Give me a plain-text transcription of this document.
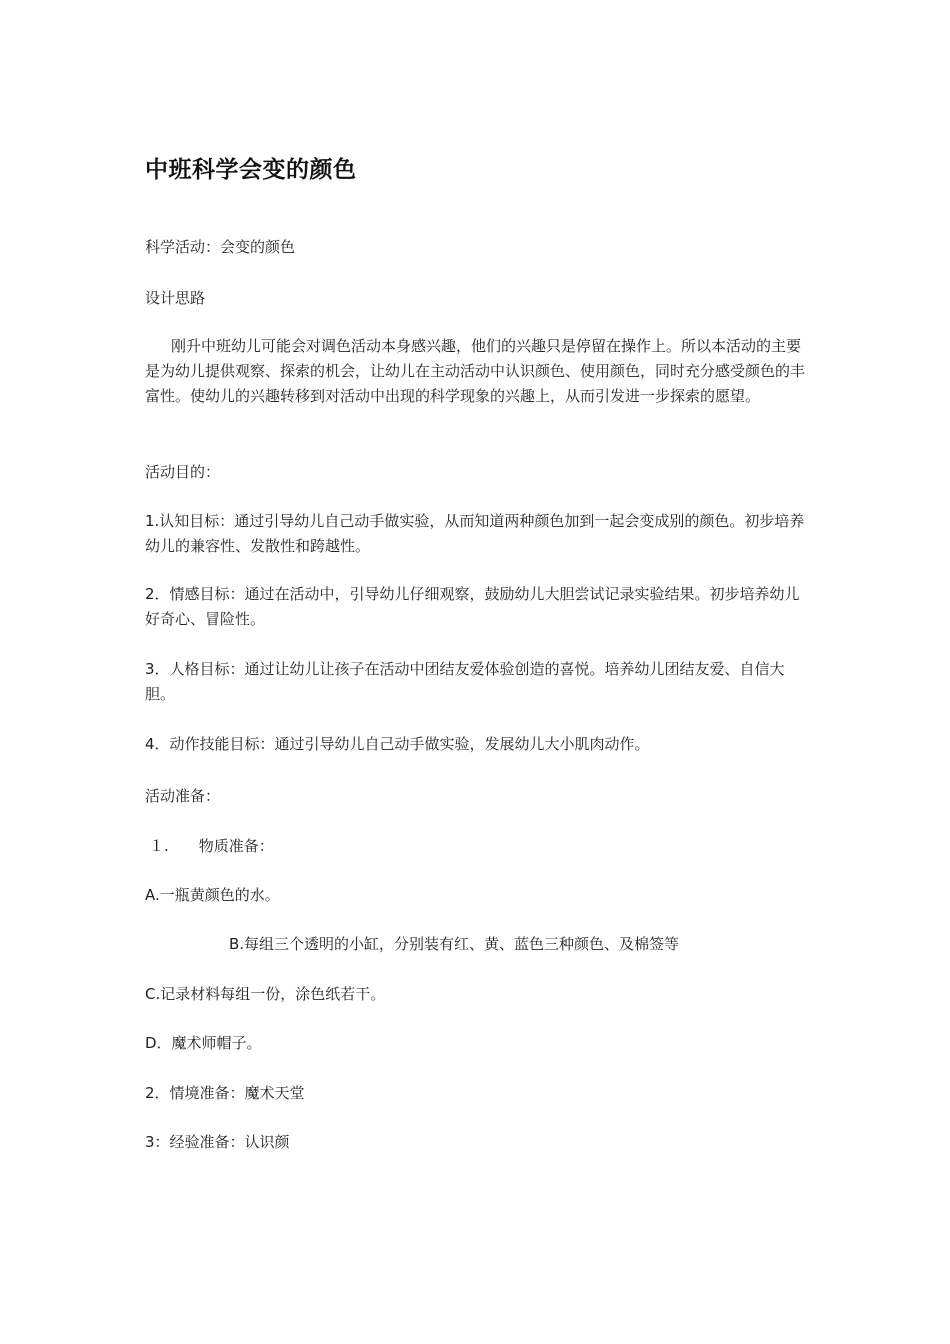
中班科学会变的颜色

科学活动：会变的颜色

设计思路

刚升中班幼儿可能会对调色活动本身感兴趣，他们的兴趣只是停留在操作上。所以本活动的主要是为幼儿提供观察、探索的机会，让幼儿在主动活动中认识颜色、使用颜色，同时充分感受颜色的丰富性。使幼儿的兴趣转移到对活动中出现的科学现象的兴趣上，从而引发进一步探索的愿望。

活动目的：

1.认知目标：通过引导幼儿自己动手做实验，从而知道两种颜色加到一起会变成别的颜色。初步培养幼儿的兼容性、发散性和跨越性。

2．情感目标：通过在活动中，引导幼儿仔细观察，鼓励幼儿大胆尝试记录实验结果。初步培养幼儿好奇心、冒险性。

3．人格目标：通过让幼儿让孩子在活动中团结友爱体验创造的喜悦。培养幼儿团结友爱、自信大胆。

4．动作技能目标：通过引导幼儿自己动手做实验，发展幼儿大小肌肉动作。

活动准备：

１. 物质准备：

A.一瓶黄颜色的水。

B.每组三个透明的小缸，分别装有红、黄、蓝色三种颜色、及棉签等

C.记录材料每组一份，涂色纸若干。

D．魔术师帽子。

2．情境准备：魔术天堂

3：经验准备：认识颜
